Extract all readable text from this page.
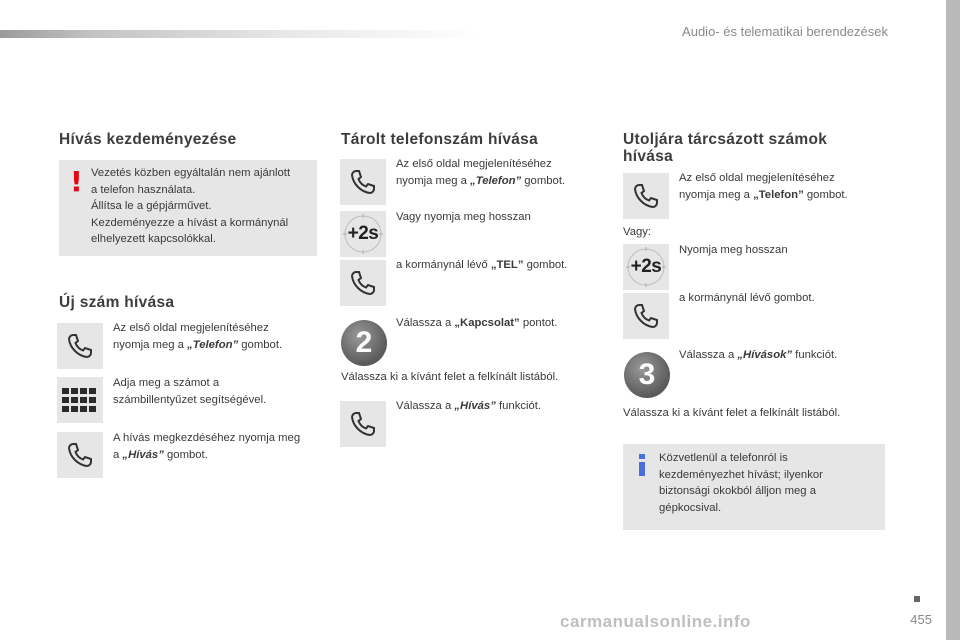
Audio- és telematikai berendezések
Hívás kezdeményezése
! Vezetés közben egyáltalán nem ajánlott
a telefon használata.
Állítsa le a gépjárművet.
Kezdeményezze a hívást a kormánynál
elhelyezett kapcsolókkal.
Új szám hívása
Az első oldal megjelenítéséhez
nyomja meg a „Telefon” gombot.
Adja meg a számot a
számbillentyűzet segítségével.
A hívás megkezdéséhez nyomja meg
a „Hívás” gombot.
Tárolt telefonszám hívása
Az első oldal megjelenítéséhez
nyomja meg a „Telefon” gombot.
+2s
Vagy nyomja meg hosszan
a kormánynál lévő „TEL” gombot.
2
Válassza a „Kapcsolat” pontot.
Válassza ki a kívánt felet a felkínált listából.
Válassza a „Hívás” funkciót.
Utoljára tárcsázott számok
hívása
Az első oldal megjelenítéséhez
nyomja meg a „Telefon” gombot.
Vagy:
+2s
Nyomja meg hosszan
a kormánynál lévő gombot.
3
Válassza a „Hívások” funkciót.
Válassza ki a kívánt felet a felkínált listából.
Közvetlenül a telefonról is
kezdeményezhet hívást; ilyenkor
biztonsági okokból álljon meg a
gépkocsival.
455
carmanualsonline.info
